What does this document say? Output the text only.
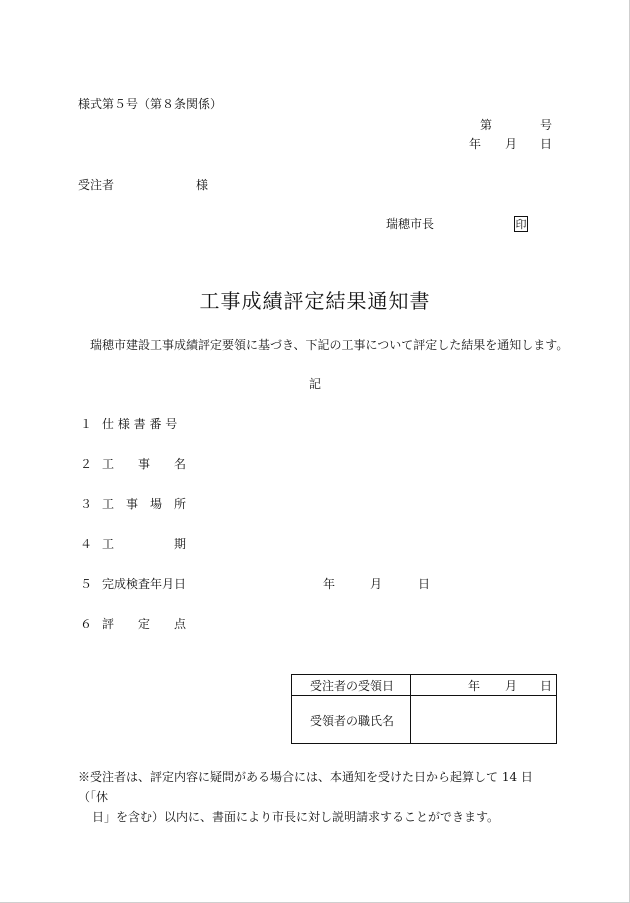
様式第５号（第８条関係）
第	号
年 月 日
受注者	様
瑞穂市長	印
工事成績評定結果通知書
瑞穂市建設工事成績評定要領に基づき、下記の工事について評定した結果を通知します。
記
１ 仕 様 書 番 号
２ 工　　事　　名
３ 工　事　場　所
４ 工　　　　　期
５ 完成検査年月日	年	月	日
６ 評　　定　　点
受注者の受領日	年 月 日
受領者の職氏名
※受注者は、評定内容に疑問がある場合には、本通知を受けた日から起算して 14 日（「休
日」を含む）以内に、書面により市長に対し説明請求することができます。
